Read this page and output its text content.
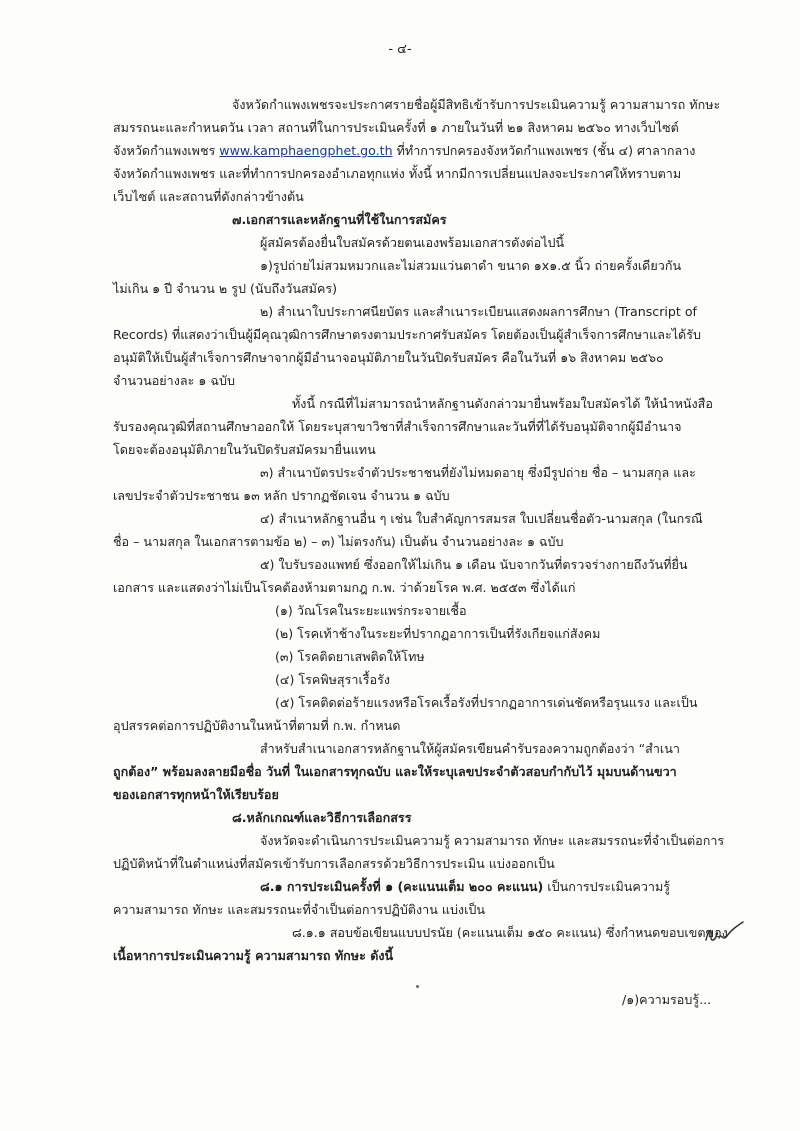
- ๔-
จังหวัดกำแพงเพชรจะประกาศรายชื่อผู้มีสิทธิเข้ารับการประเมินความรู้ ความสามารถ ทักษะ
สมรรถนะและกำหนดวัน เวลา สถานที่ในการประเมินครั้งที่ ๑ ภายในวันที่ ๒๑ สิงหาคม ๒๕๖๐ ทางเว็บไซต์
จังหวัดกำแพงเพชร www.kamphaengphet.go.th ที่ทำการปกครองจังหวัดกำแพงเพชร (ชั้น ๔) ศาลากลาง
จังหวัดกำแพงเพชร และที่ทำการปกครองอำเภอทุกแห่ง ทั้งนี้ หากมีการเปลี่ยนแปลงจะประกาศให้ทราบตาม
เว็บไซต์ และสถานที่ดังกล่าวข้างต้น
๗.เอกสารและหลักฐานที่ใช้ในการสมัคร
ผู้สมัครต้องยื่นใบสมัครด้วยตนเองพร้อมเอกสารดังต่อไปนี้
๑)รูปถ่ายไม่สวมหมวกและไม่สวมแว่นตาดำ ขนาด ๑x๑.๕ นิ้ว ถ่ายครั้งเดียวกัน
ไม่เกิน ๑ ปี จำนวน ๒ รูป (นับถึงวันสมัคร)
๒) สำเนาใบประกาศนียบัตร และสำเนาระเบียนแสดงผลการศึกษา (Transcript of
Records) ที่แสดงว่าเป็นผู้มีคุณวุฒิการศึกษาตรงตามประกาศรับสมัคร โดยต้องเป็นผู้สำเร็จการศึกษาและได้รับ
อนุมัติให้เป็นผู้สำเร็จการศึกษาจากผู้มีอำนาจอนุมัติภายในวันปิดรับสมัคร คือในวันที่ ๑๖ สิงหาคม ๒๕๖๐
จำนวนอย่างละ ๑ ฉบับ
ทั้งนี้ กรณีที่ไม่สามารถนำหลักฐานดังกล่าวมายื่นพร้อมใบสมัครได้ ให้นำหนังสือ
รับรองคุณวุฒิที่สถานศึกษาออกให้ โดยระบุสาขาวิชาที่สำเร็จการศึกษาและวันที่ที่ได้รับอนุมัติจากผู้มีอำนาจ
โดยจะต้องอนุมัติภายในวันปิดรับสมัครมายื่นแทน
๓) สำเนาบัตรประจำตัวประชาชนที่ยังไม่หมดอายุ ซึ่งมีรูปถ่าย ชื่อ – นามสกุล และ
เลขประจำตัวประชาชน ๑๓ หลัก ปรากฏชัดเจน จำนวน ๑ ฉบับ
๔) สำเนาหลักฐานอื่น ๆ เช่น ใบสำคัญการสมรส ใบเปลี่ยนชื่อตัว-นามสกุล (ในกรณี
ชื่อ – นามสกุล ในเอกสารตามข้อ ๒) – ๓) ไม่ตรงกัน) เป็นต้น จำนวนอย่างละ ๑ ฉบับ
๕) ใบรับรองแพทย์ ซึ่งออกให้ไม่เกิน ๑ เดือน นับจากวันที่ตรวจร่างกายถึงวันที่ยื่น
เอกสาร และแสดงว่าไม่เป็นโรคต้องห้ามตามกฎ ก.พ. ว่าด้วยโรค พ.ศ. ๒๕๕๓ ซึ่งได้แก่
(๑) วัณโรคในระยะแพร่กระจายเชื้อ
(๒) โรคเท้าช้างในระยะที่ปรากฏอาการเป็นที่รังเกียจแก่สังคม
(๓) โรคติดยาเสพติดให้โทษ
(๔) โรคพิษสุราเรื้อรัง
(๕) โรคติดต่อร้ายแรงหรือโรคเรื้อรังที่ปรากฏอาการเด่นชัดหรือรุนแรง และเป็น
อุปสรรคต่อการปฏิบัติงานในหน้าที่ตามที่ ก.พ. กำหนด
สำหรับสำเนาเอกสารหลักฐานให้ผู้สมัครเขียนคำรับรองความถูกต้องว่า “สำเนา
ถูกต้อง” พร้อมลงลายมือชื่อ วันที่ ในเอกสารทุกฉบับ และให้ระบุเลขประจำตัวสอบกำกับไว้ มุมบนด้านขวา
ของเอกสารทุกหน้าให้เรียบร้อย
๘.หลักเกณฑ์และวิธีการเลือกสรร
จังหวัดจะดำเนินการประเมินความรู้ ความสามารถ ทักษะ และสมรรถนะที่จำเป็นต่อการ
ปฏิบัติหน้าที่ในตำแหน่งที่สมัครเข้ารับการเลือกสรรด้วยวิธีการประเมิน แบ่งออกเป็น
๘.๑ การประเมินครั้งที่ ๑ (คะแนนเต็ม ๒๐๐ คะแนน) เป็นการประเมินความรู้
ความสามารถ ทักษะ และสมรรถนะที่จำเป็นต่อการปฏิบัติงาน แบ่งเป็น
๘.๑.๑ สอบข้อเขียนแบบปรนัย (คะแนนเต็ม ๑๕๐ คะแนน) ซึ่งกำหนดขอบเขตของ
เนื้อหาการประเมินความรู้ ความสามารถ ทักษะ ดังนี้
/๑)ความรอบรู้...
